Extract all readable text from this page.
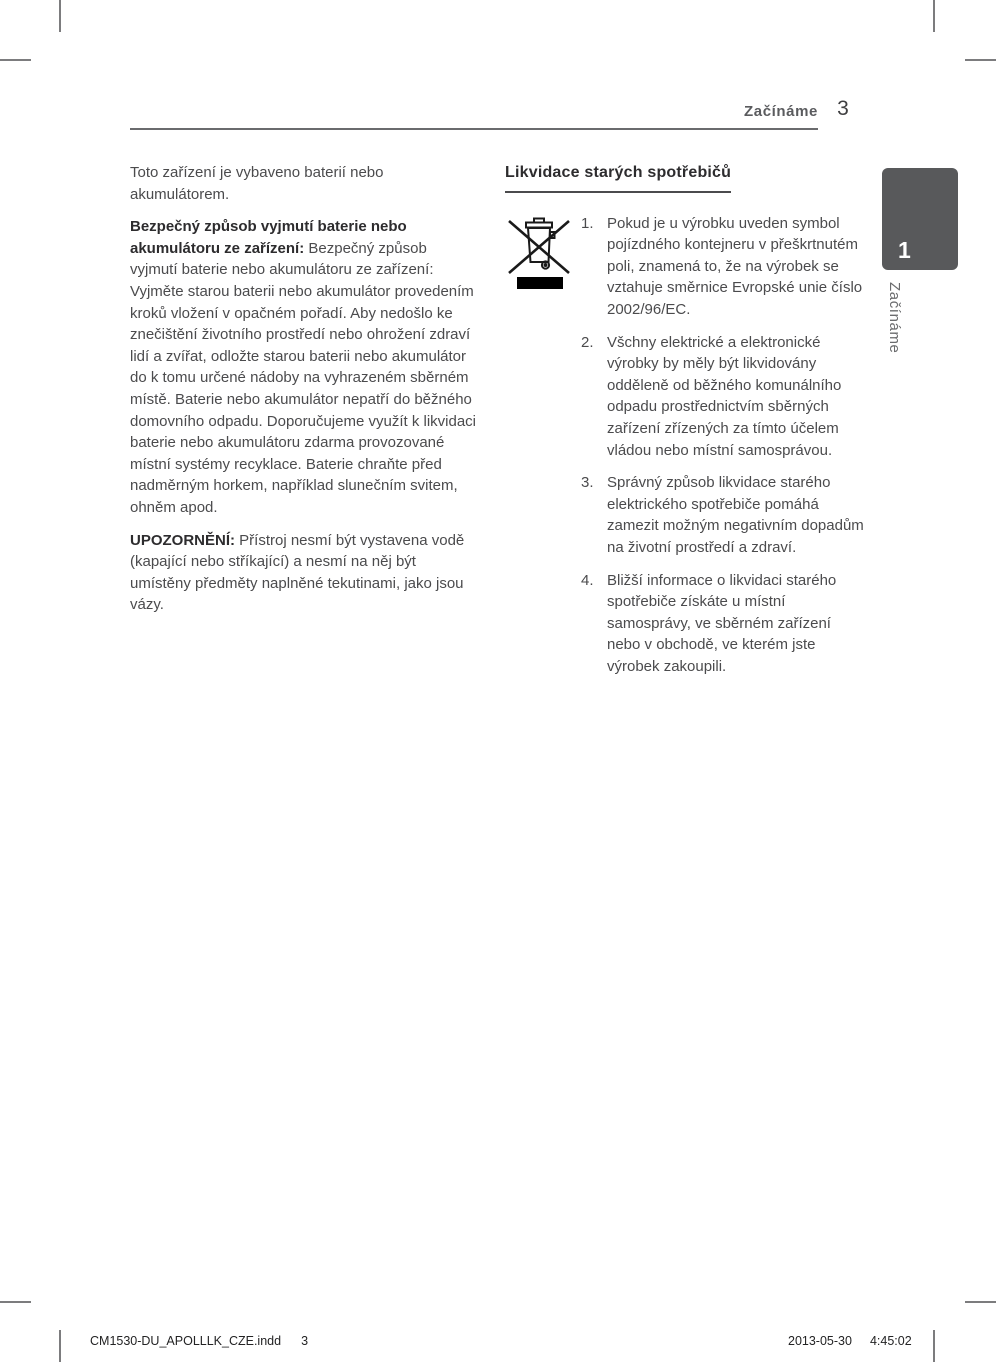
Začínáme 3

Toto zařízení je vybaveno baterií nebo akumulátorem.

Bezpečný způsob vyjmutí baterie nebo akumulátoru ze zařízení: Bezpečný způsob vyjmutí baterie nebo akumulátoru ze zařízení: Vyjměte starou baterii nebo akumulátor provedením kroků vložení v opačném pořadí. Aby nedošlo ke znečištění životního prostředí nebo ohrožení zdraví lidí a zvířat, odložte starou baterii nebo akumulátor do k tomu určené nádoby na vyhrazeném sběrném místě. Baterie nebo akumulátor nepatří do běžného domovního odpadu. Doporučujeme využít k likvidaci baterie nebo akumulátoru zdarma provozované místní systémy recyklace. Baterie chraňte před nadměrným horkem, například slunečním svitem, ohněm apod.

UPOZORNĚNÍ: Přístroj nesmí být vystavena vodě (kapající nebo stříkající) a nesmí na něj být umístěny předměty naplněné tekutinami, jako jsou vázy.

Likvidace starých spotřebičů
1. Pokud je u výrobku uveden symbol pojízdného kontejneru v přeškrtnutém poli, znamená to, že na výrobek se vztahuje směrnice Evropské unie číslo 2002/96/EC.
2. Všchny elektrické a elektronické výrobky by měly být likvidovány odděleně od běžného komunálního odpadu prostřednictvím sběrných zařízení zřízených za tímto účelem vládou nebo místní samosprávou.
3. Správný způsob likvidace starého elektrického spotřebiče pomáhá zamezit možným negativním dopadům na životní prostředí a zdraví.
4. Bližší informace o likvidaci starého spotřebiče získáte u místní samosprávy, ve sběrném zařízení nebo v obchodě, ve kterém jste výrobek zakoupili.
1
Začínáme
CM1530-DU_APOLLLK_CZE.indd 3	2013-05-30 4:45:02
